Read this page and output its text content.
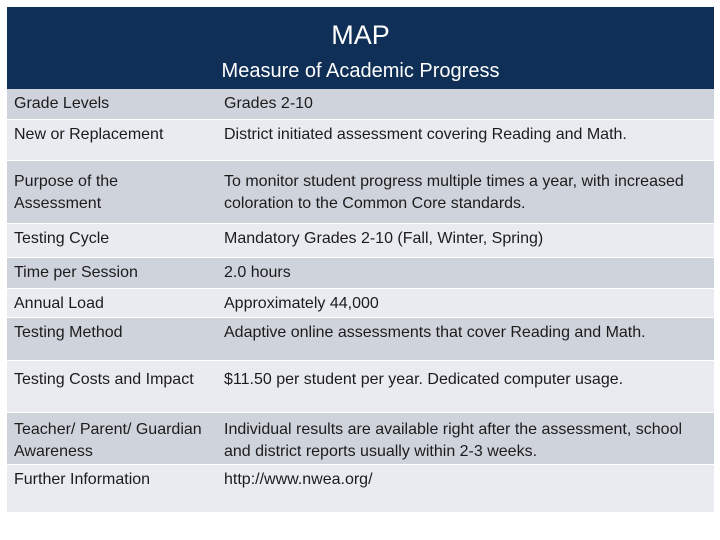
MAP
Measure of Academic Progress
Grade Levels	Grades 2-10
New or Replacement	District initiated assessment covering Reading and Math.
Purpose of the Assessment	To monitor student progress multiple times a year, with increased coloration to the Common Core standards.
Testing Cycle	Mandatory Grades 2-10 (Fall, Winter, Spring)
Time per Session	2.0 hours
Annual Load	Approximately 44,000
Testing Method	Adaptive online assessments that cover Reading and Math.
Testing Costs and Impact	$11.50 per student per year. Dedicated computer usage.
Teacher/ Parent/ Guardian Awareness	Individual results are available right after the assessment, school and district reports usually within 2-3 weeks.
Further Information	http://www.nwea.org/
